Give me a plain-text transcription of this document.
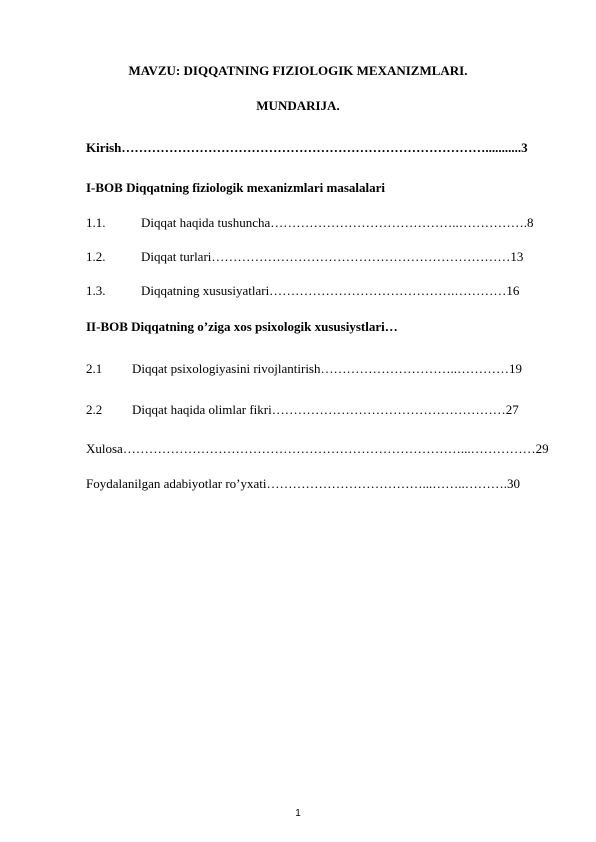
MAVZU: DIQQATNING FIZIOLOGIK MEXANIZMLARI.
MUNDARIJA.
Kirish…………………………………………………………………………...........3
I-BOB Diqqatning fiziologik mexanizmlari masalalari
1.1.	Diqqat haqida tushuncha……………………………………..…………….8
1.2.	Diqqat turlari……………………………………………………………13
1.3.	Diqqatning xususiyatlari…………………………………….…………16
II-BOB Diqqatning o’ziga xos psixologik xususiystlari…
2.1 Diqqat psixologiyasini rivojlantirish…………………………..…………19
2.2 Diqqat haqida olimlar fikri………………………………………………27
Xulosa……………………………………………………………………...……………29
Foydalanilgan adabiyotlar ro’yxati………………………………...……..……….30
1
